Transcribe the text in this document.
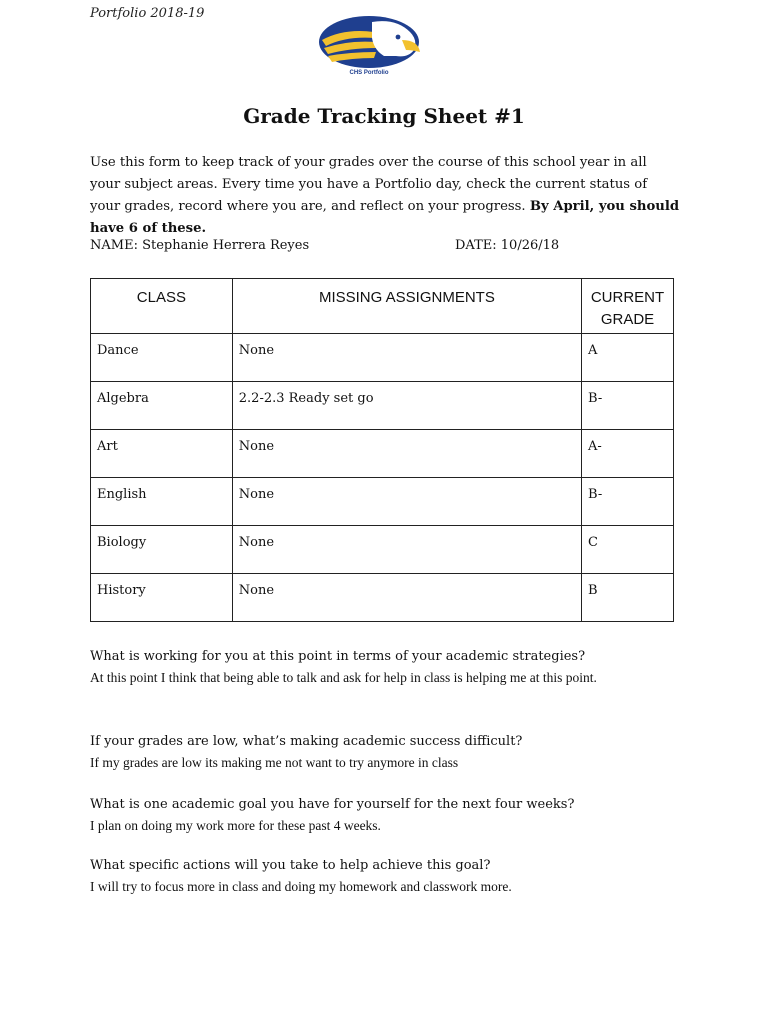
Portfolio 2018-19
CHS Portfolio
Grade Tracking Sheet #1
Use this form to keep track of your grades over the course of this school year in all your subject areas. Every time you have a Portfolio day, check the current status of your grades, record where you are, and reflect on your progress. By April, you should have 6 of these.
NAME: Stephanie Herrera Reyes	DATE: 10/26/18
CLASS	MISSING ASSIGNMENTS	CURRENT GRADE
Dance	None	A
Algebra	2.2-2.3 Ready set go	B-
Art	None	A-
English	None	B-
Biology	None	C
History	None	B
What is working for you at this point in terms of your academic strategies?
At this point I think that being able to talk and ask for help in class is helping me at this point.
If your grades are low, what’s making academic success difficult?
If my grades are low its making me not want to try anymore in class
What is one academic goal you have for yourself for the next four weeks?
I plan on doing my work more for these past 4 weeks.
What specific actions will you take to help achieve this goal?
I will try to focus more in class and doing my homework and classwork more.
